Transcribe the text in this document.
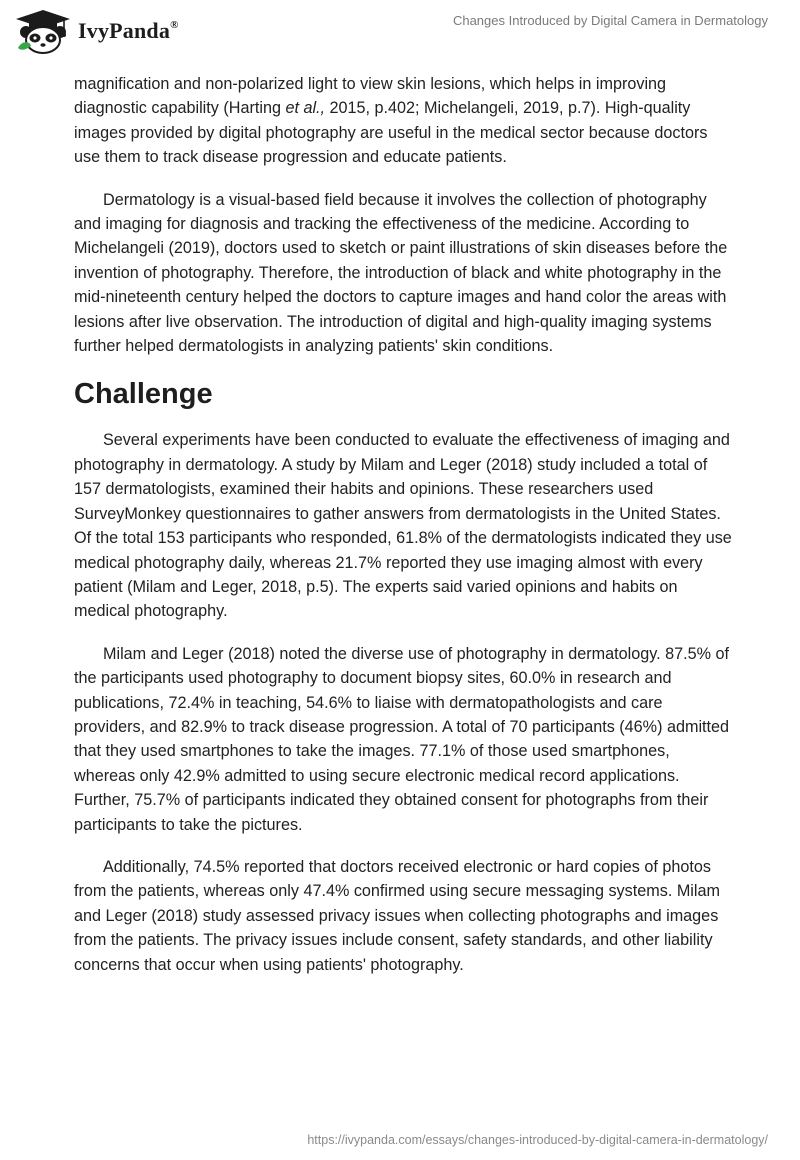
IvyPanda®	Changes Introduced by Digital Camera in Dermatology

magnification and non-polarized light to view skin lesions, which helps in improving diagnostic capability (Harting et al., 2015, p.402; Michelangeli, 2019, p.7). High-quality images provided by digital photography are useful in the medical sector because doctors use them to track disease progression and educate patients.

Dermatology is a visual-based field because it involves the collection of photography and imaging for diagnosis and tracking the effectiveness of the medicine. According to Michelangeli (2019), doctors used to sketch or paint illustrations of skin diseases before the invention of photography. Therefore, the introduction of black and white photography in the mid-nineteenth century helped the doctors to capture images and hand color the areas with lesions after live observation. The introduction of digital and high-quality imaging systems further helped dermatologists in analyzing patients' skin conditions.

Challenge

Several experiments have been conducted to evaluate the effectiveness of imaging and photography in dermatology. A study by Milam and Leger (2018) study included a total of 157 dermatologists, examined their habits and opinions. These researchers used SurveyMonkey questionnaires to gather answers from dermatologists in the United States. Of the total 153 participants who responded, 61.8% of the dermatologists indicated they use medical photography daily, whereas 21.7% reported they use imaging almost with every patient (Milam and Leger, 2018, p.5). The experts said varied opinions and habits on medical photography.

Milam and Leger (2018) noted the diverse use of photography in dermatology. 87.5% of the participants used photography to document biopsy sites, 60.0% in research and publications, 72.4% in teaching, 54.6% to liaise with dermatopathologists and care providers, and 82.9% to track disease progression. A total of 70 participants (46%) admitted that they used smartphones to take the images. 77.1% of those used smartphones, whereas only 42.9% admitted to using secure electronic medical record applications. Further, 75.7% of participants indicated they obtained consent for photographs from their participants to take the pictures.

Additionally, 74.5% reported that doctors received electronic or hard copies of photos from the patients, whereas only 47.4% confirmed using secure messaging systems. Milam and Leger (2018) study assessed privacy issues when collecting photographs and images from the patients. The privacy issues include consent, safety standards, and other liability concerns that occur when using patients' photography.

https://ivypanda.com/essays/changes-introduced-by-digital-camera-in-dermatology/
